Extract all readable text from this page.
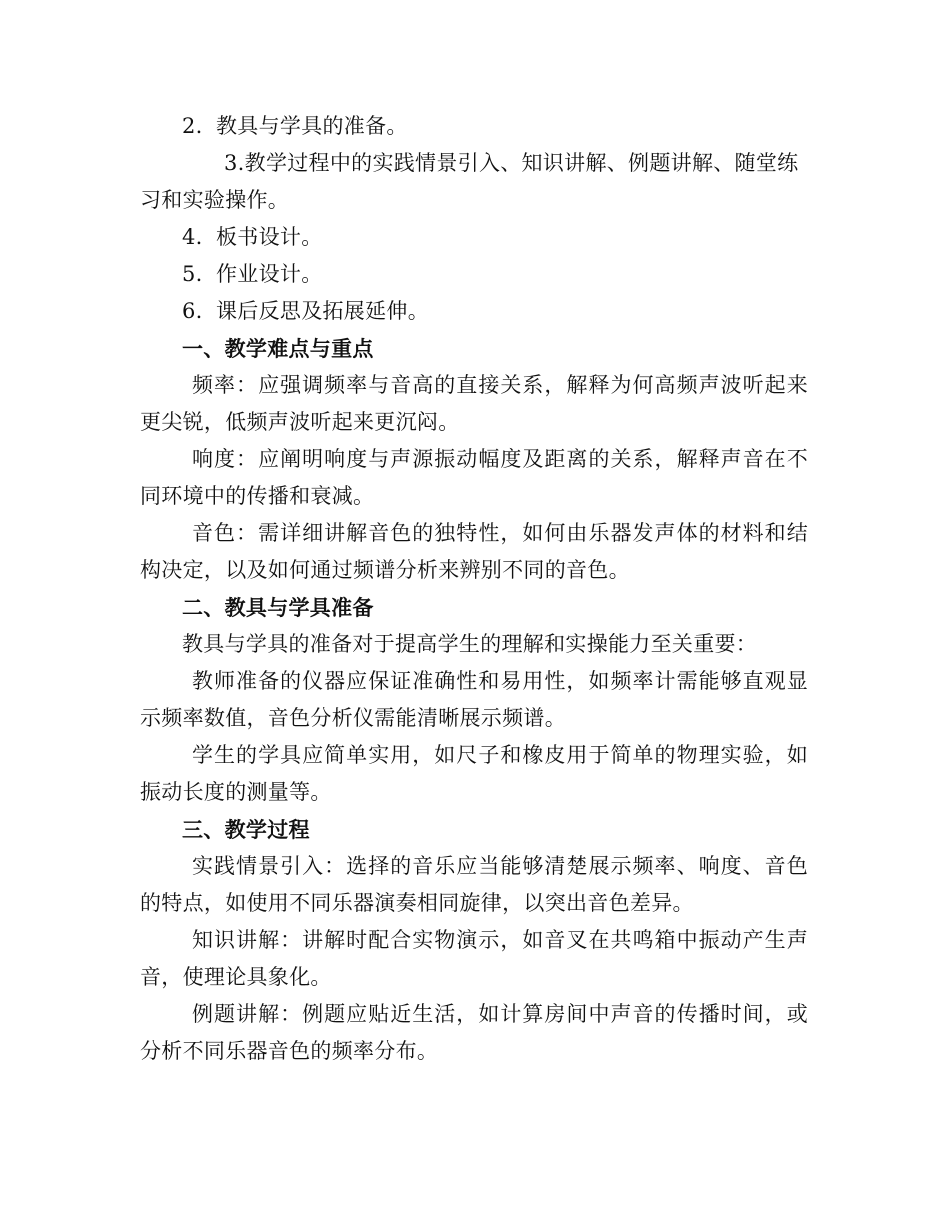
2. 教具与学具的准备。

3.教学过程中的实践情景引入、知识讲解、例题讲解、随堂练习和实验操作。

4. 板书设计。

5. 作业设计。

6. 课后反思及拓展延伸。

一、教学难点与重点

频率：应强调频率与音高的直接关系，解释为何高频声波听起来更尖锐，低频声波听起来更沉闷。

响度：应阐明响度与声源振动幅度及距离的关系，解释声音在不同环境中的传播和衰减。

音色：需详细讲解音色的独特性，如何由乐器发声体的材料和结构决定，以及如何通过频谱分析来辨别不同的音色。

二、教具与学具准备

教具与学具的准备对于提高学生的理解和实操能力至关重要：

教师准备的仪器应保证准确性和易用性，如频率计需能够直观显示频率数值，音色分析仪需能清晰展示频谱。

学生的学具应简单实用，如尺子和橡皮用于简单的物理实验，如振动长度的测量等。

三、教学过程

实践情景引入：选择的音乐应当能够清楚展示频率、响度、音色的特点，如使用不同乐器演奏相同旋律，以突出音色差异。

知识讲解：讲解时配合实物演示，如音叉在共鸣箱中振动产生声音，使理论具象化。

例题讲解：例题应贴近生活，如计算房间中声音的传播时间，或分析不同乐器音色的频率分布。
